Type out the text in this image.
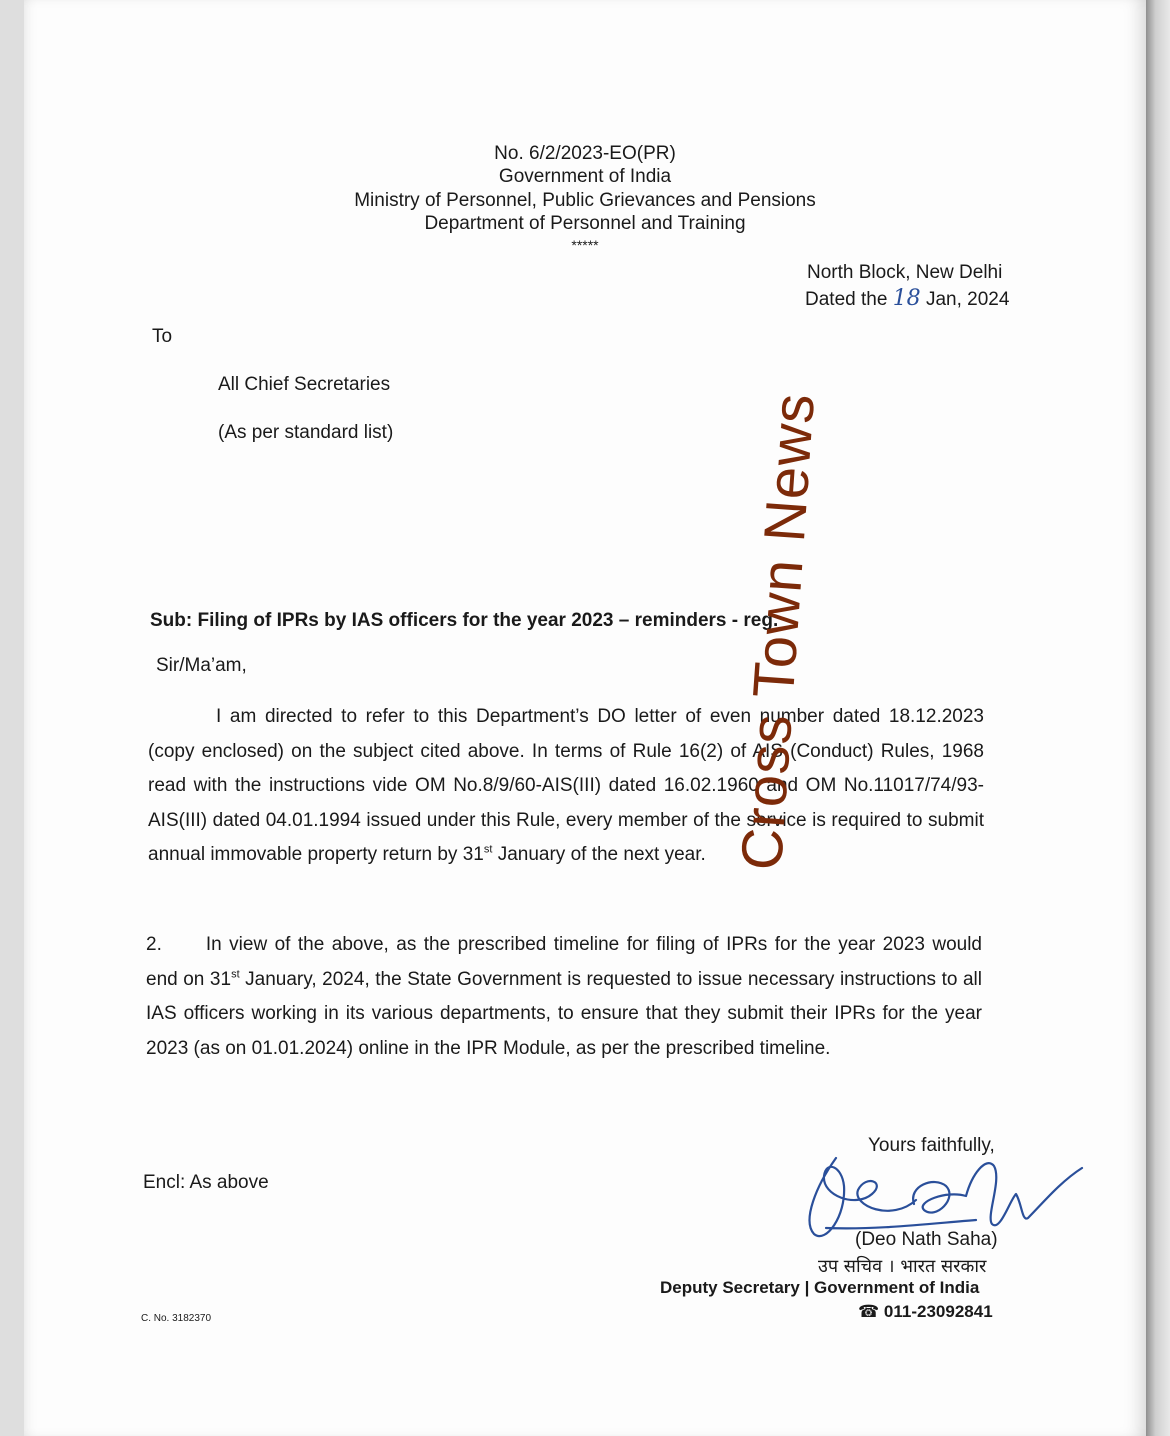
No. 6/2/2023-EO(PR)
Government of India
Ministry of Personnel, Public Grievances and Pensions
Department of Personnel and Training
*****
North Block, New Delhi
Dated the 18 Jan, 2024
To
All Chief Secretaries
(As per standard list)
Sub: Filing of IPRs by IAS officers for the year 2023 – reminders - reg.
Sir/Ma’am,
I am directed to refer to this Department’s DO letter of even number dated 18.12.2023 (copy enclosed) on the subject cited above. In terms of Rule 16(2) of AIS (Conduct) Rules, 1968 read with the instructions vide OM No.8/9/60-AIS(III) dated 16.02.1960 and OM No.11017/74/93-AIS(III) dated 04.01.1994 issued under this Rule, every member of the service is required to submit annual immovable property return by 31st January of the next year.
2. In view of the above, as the prescribed timeline for filing of IPRs for the year 2023 would end on 31st January, 2024, the State Government is requested to issue necessary instructions to all IAS officers working in its various departments, to ensure that they submit their IPRs for the year 2023 (as on 01.01.2024) online in the IPR Module, as per the prescribed timeline.
Yours faithfully,
Encl: As above
(Deo Nath Saha)
उप सचिव । भारत सरकार
Deputy Secretary | Government of India
☎ 011-23092841
C. No. 3182370
Cross Town News
